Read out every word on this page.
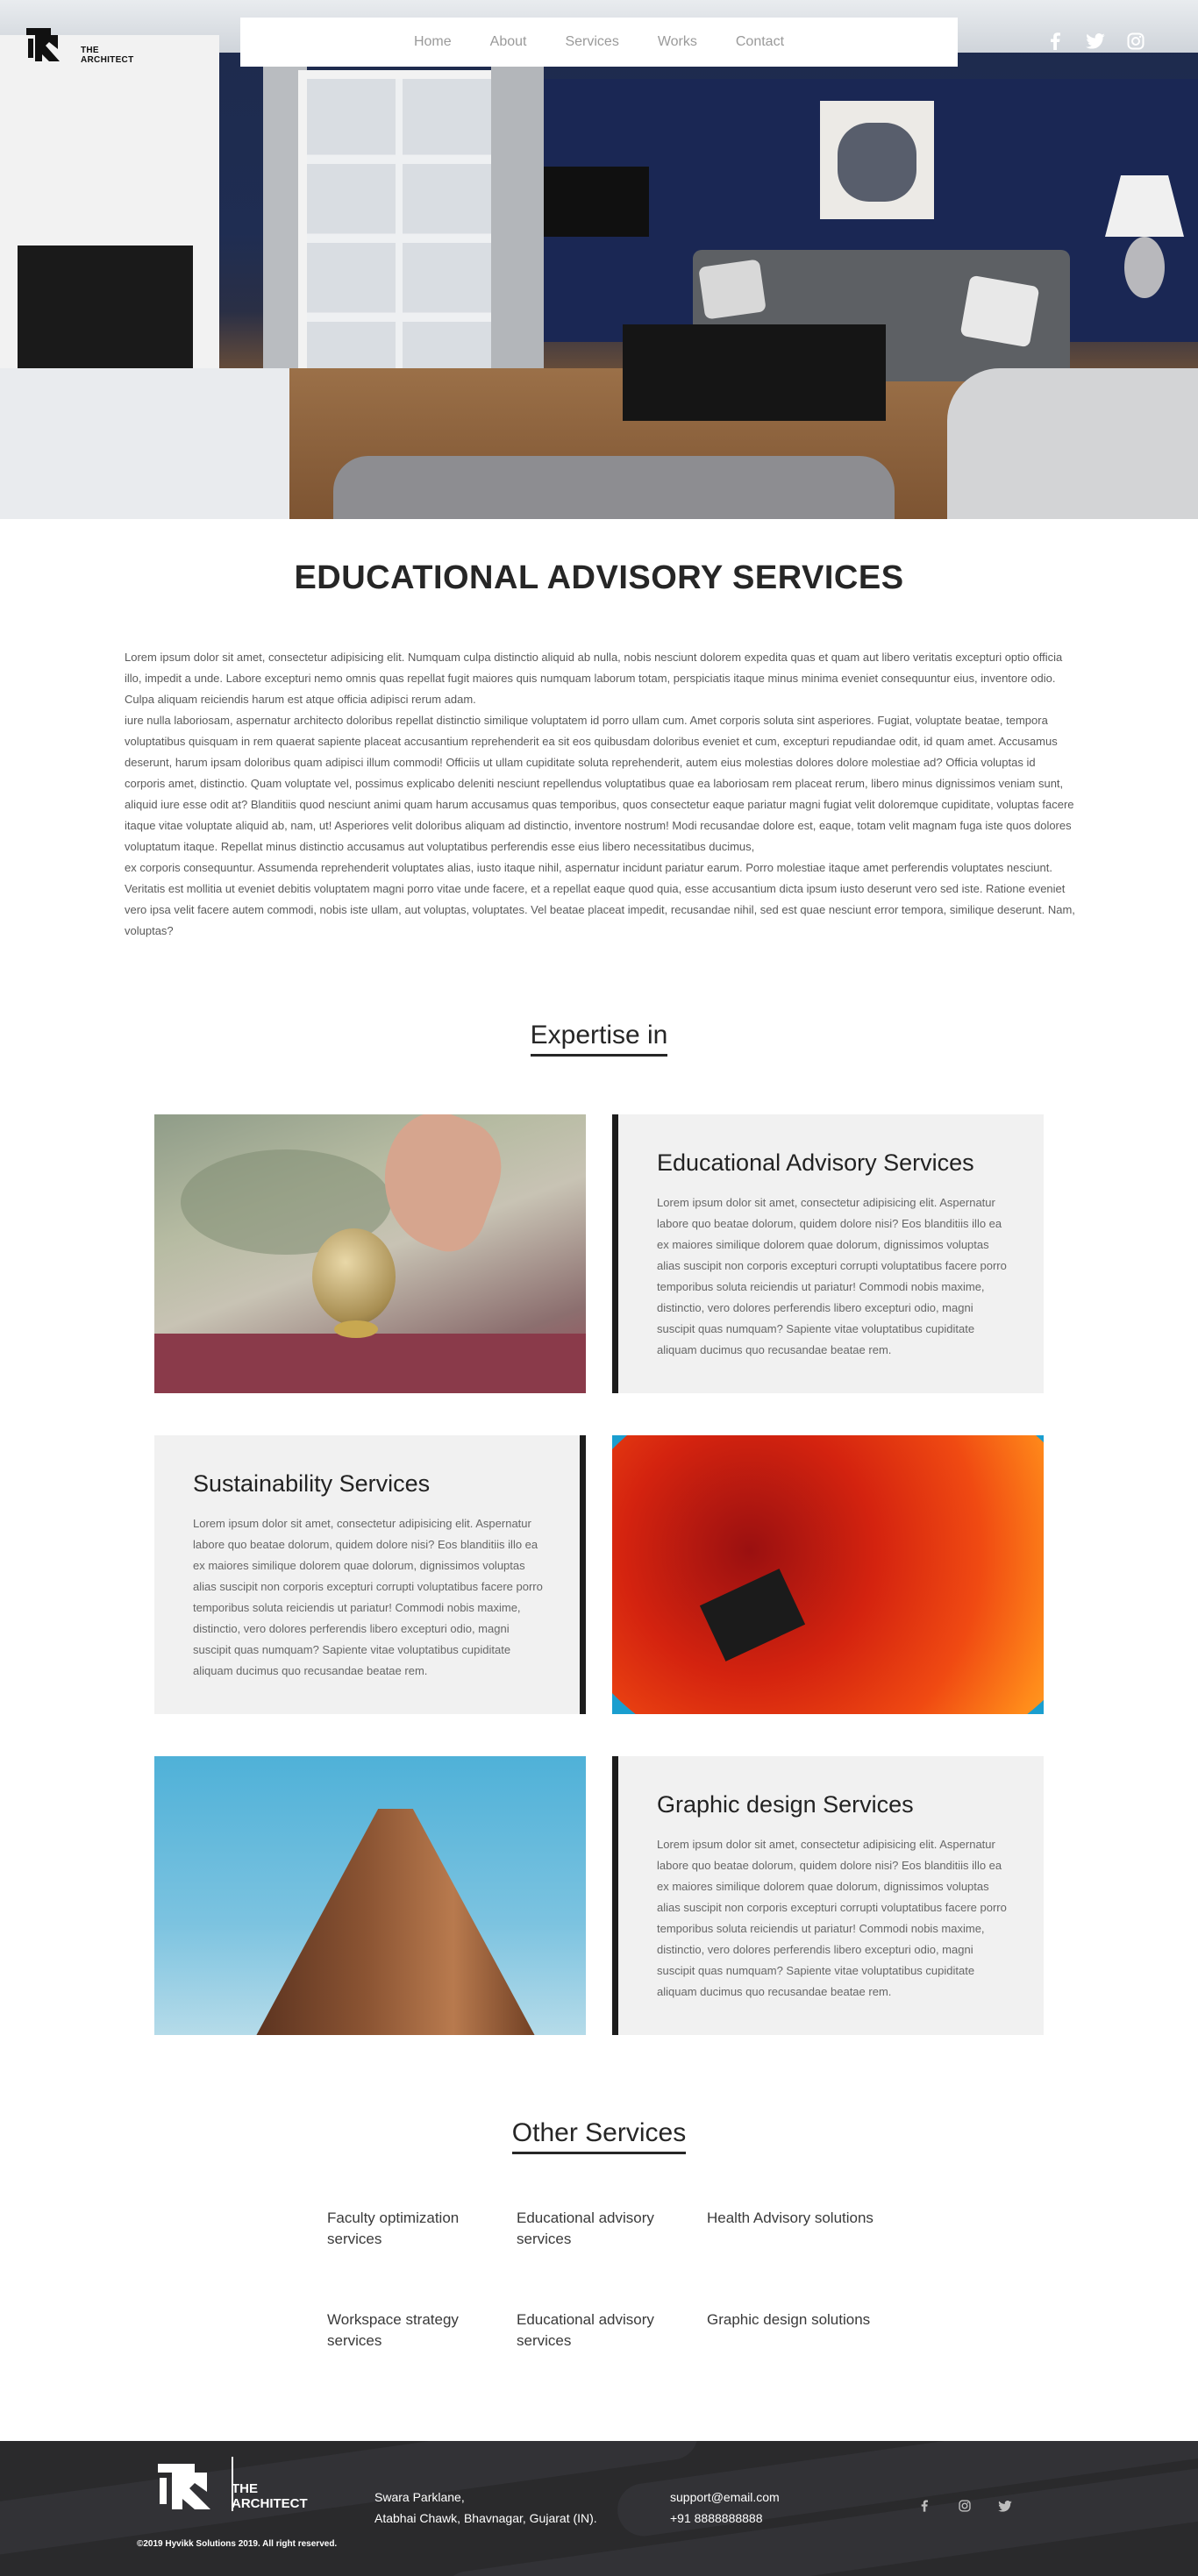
THE
ARCHITECT
Home	About	Services	Works	Contact
EDUCATIONAL ADVISORY SERVICES

Lorem ipsum dolor sit amet, consectetur adipisicing elit. Numquam culpa distinctio aliquid ab nulla, nobis nesciunt dolorem expedita quas et quam aut libero veritatis excepturi optio officia illo, impedit a unde. Labore excepturi nemo omnis quas repellat fugit maiores quis numquam laborum totam, perspiciatis itaque minus minima eveniet consequuntur eius, inventore odio. Culpa aliquam reiciendis harum est atque officia adipisci rerum adam.

iure nulla laboriosam, aspernatur architecto doloribus repellat distinctio similique voluptatem id porro ullam cum. Amet corporis soluta sint asperiores. Fugiat, voluptate beatae, tempora voluptatibus quisquam in rem quaerat sapiente placeat accusantium reprehenderit ea sit eos quibusdam doloribus eveniet et cum, excepturi repudiandae odit, id quam amet. Accusamus deserunt, harum ipsam doloribus quam adipisci illum commodi! Officiis ut ullam cupiditate soluta reprehenderit, autem eius molestias dolores dolore molestiae ad? Officia voluptas id corporis amet, distinctio. Quam voluptate vel, possimus explicabo deleniti nesciunt repellendus voluptatibus quae ea laboriosam rem placeat rerum, libero minus dignissimos veniam sunt, aliquid iure esse odit at? Blanditiis quod nesciunt animi quam harum accusamus quas temporibus, quos consectetur eaque pariatur magni fugiat velit doloremque cupiditate, voluptas facere itaque vitae voluptate aliquid ab, nam, ut! Asperiores velit doloribus aliquam ad distinctio, inventore nostrum! Modi recusandae dolore est, eaque, totam velit magnam fuga iste quos dolores voluptatum itaque. Repellat minus distinctio accusamus aut voluptatibus perferendis esse eius libero necessitatibus ducimus,

ex corporis consequuntur. Assumenda reprehenderit voluptates alias, iusto itaque nihil, aspernatur incidunt pariatur earum. Porro molestiae itaque amet perferendis voluptates nesciunt. Veritatis est mollitia ut eveniet debitis voluptatem magni porro vitae unde facere, et a repellat eaque quod quia, esse accusantium dicta ipsum iusto deserunt vero sed iste. Ratione eveniet vero ipsa velit facere autem commodi, nobis iste ullam, aut voluptas, voluptates. Vel beatae placeat impedit, recusandae nihil, sed est quae nesciunt error tempora, similique deserunt. Nam, voluptas?

Expertise in
Educational Advisory Services

Lorem ipsum dolor sit amet, consectetur adipisicing elit. Aspernatur labore quo beatae dolorum, quidem dolore nisi? Eos blanditiis illo ea ex maiores similique dolorem quae dolorum, dignissimos voluptas alias suscipit non corporis excepturi corrupti voluptatibus facere porro temporibus soluta reiciendis ut pariatur! Commodi nobis maxime, distinctio, vero dolores perferendis libero excepturi odio, magni suscipit quas numquam? Sapiente vitae voluptatibus cupiditate aliquam ducimus quo recusandae beatae rem.

Sustainability Services

Lorem ipsum dolor sit amet, consectetur adipisicing elit. Aspernatur labore quo beatae dolorum, quidem dolore nisi? Eos blanditiis illo ea ex maiores similique dolorem quae dolorum, dignissimos voluptas alias suscipit non corporis excepturi corrupti voluptatibus facere porro temporibus soluta reiciendis ut pariatur! Commodi nobis maxime, distinctio, vero dolores perferendis libero excepturi odio, magni suscipit quas numquam? Sapiente vitae voluptatibus cupiditate aliquam ducimus quo recusandae beatae rem.

Graphic design Services

Lorem ipsum dolor sit amet, consectetur adipisicing elit. Aspernatur labore quo beatae dolorum, quidem dolore nisi? Eos blanditiis illo ea ex maiores similique dolorem quae dolorum, dignissimos voluptas alias suscipit non corporis excepturi corrupti voluptatibus facere porro temporibus soluta reiciendis ut pariatur! Commodi nobis maxime, distinctio, vero dolores perferendis libero excepturi odio, magni suscipit quas numquam? Sapiente vitae voluptatibus cupiditate aliquam ducimus quo recusandae beatae rem.

Other Services
Faculty optimization services
Educational advisory services
Health Advisory solutions
Workspace strategy services
Educational advisory services
Graphic design solutions
THE
ARCHITECT
©2019 Hyvikk Solutions 2019. All right reserved.
Swara Parklane,
Atabhai Chawk, Bhavnagar, Gujarat (IN).
support@email.com
+91 8888888888
